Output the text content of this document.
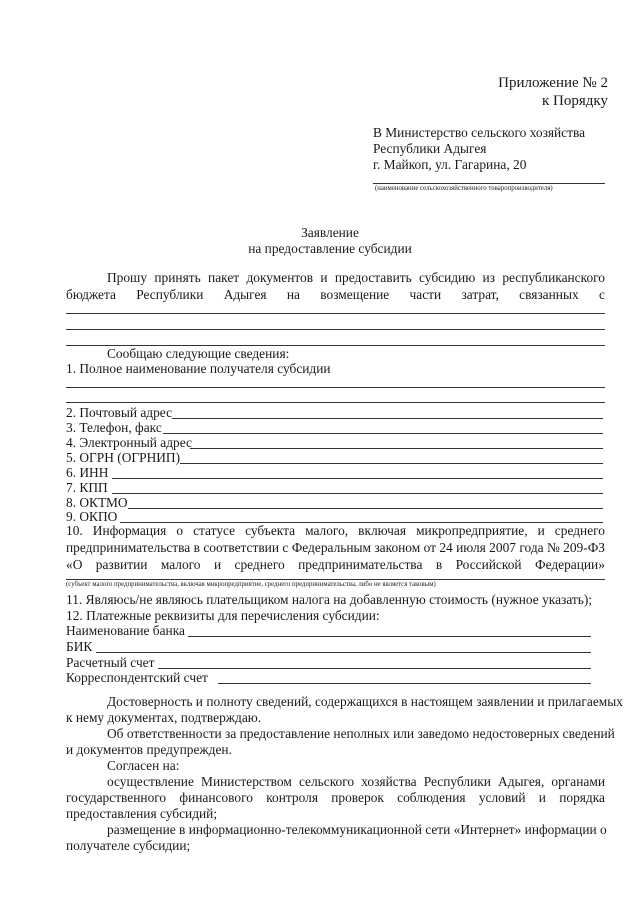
Приложение № 2
к Порядку
В Министерство сельского хозяйства
Республики Адыгея
г. Майкоп, ул. Гагарина, 20
(наименование сельскохозяйственного товаропроизводителя)
Заявление
на предоставление субсидии
Прошу принять пакет документов и предоставить субсидию из республиканского
бюджета Республики Адыгея на возмещение части затрат, связанных с
Сообщаю следующие сведения:
1. Полное наименование получателя субсидии
2. Почтовый адрес
3. Телефон, факс
4. Электронный адрес
5. ОГРН (ОГРНИП)
6. ИНН
7. КПП
8. ОКТМО
9. ОКПО
10. Информация о статусе субъекта малого, включая микропредприятие, и среднего
предпринимательства в соответствии с Федеральным законом от 24 июля 2007 года № 209-ФЗ
«О развитии малого и среднего предпринимательства в Российской Федерации»
(субъект малого предпринимательства, включая микропредприятие, среднего предпринимательства, либо не является таковым)
11. Являюсь/не являюсь плательщиком налога на добавленную стоимость (нужное указать);
12. Платежные реквизиты для перечисления субсидии:
Наименование банка
БИК
Расчетный счет
Корреспондентский счет
Достоверность и полноту сведений, содержащихся в настоящем заявлении и прилагаемых
к нему документах, подтверждаю.
Об ответственности за предоставление неполных или заведомо недостоверных сведений
и документов предупрежден.
Согласен на:
осуществление Министерством сельского хозяйства Республики Адыгея, органами
государственного финансового контроля проверок соблюдения условий и порядка
предоставления субсидий;
размещение в информационно-телекоммуникационной сети «Интернет» информации о
получателе субсидии;
